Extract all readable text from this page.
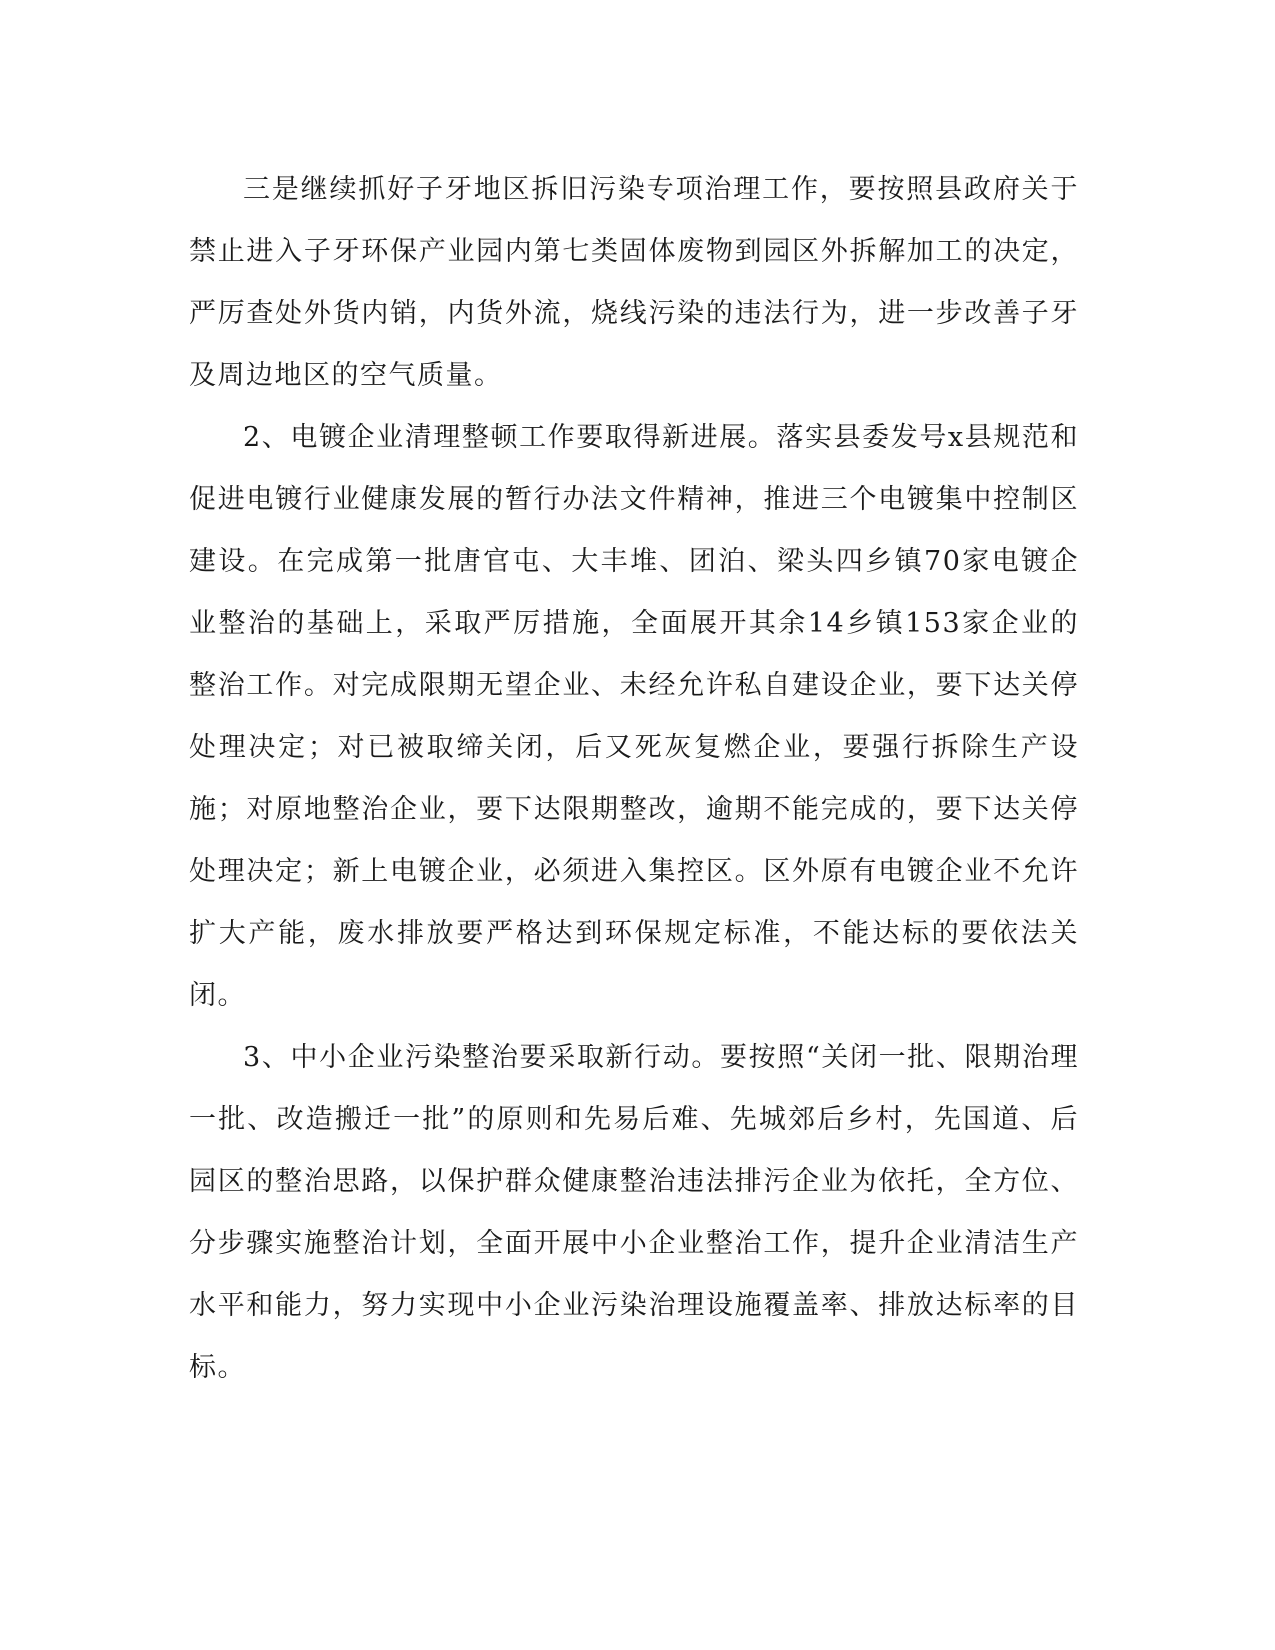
三是继续抓好子牙地区拆旧污染专项治理工作，要按照县政府关于禁止进入子牙环保产业园内第七类固体废物到园区外拆解加工的决定，严厉查处外货内销，内货外流，烧线污染的违法行为，进一步改善子牙及周边地区的空气质量。

2、电镀企业清理整顿工作要取得新进展。落实县委发号x县规范和促进电镀行业健康发展的暂行办法文件精神，推进三个电镀集中控制区建设。在完成第一批唐官屯、大丰堆、团泊、梁头四乡镇70家电镀企业整治的基础上，采取严厉措施，全面展开其余14乡镇153家企业的整治工作。对完成限期无望企业、未经允许私自建设企业，要下达关停处理决定；对已被取缔关闭，后又死灰复燃企业，要强行拆除生产设施；对原地整治企业，要下达限期整改，逾期不能完成的，要下达关停处理决定；新上电镀企业，必须进入集控区。区外原有电镀企业不允许扩大产能，废水排放要严格达到环保规定标准，不能达标的要依法关闭。

3、中小企业污染整治要采取新行动。要按照“关闭一批、限期治理一批、改造搬迁一批”的原则和先易后难、先城郊后乡村，先国道、后园区的整治思路，以保护群众健康整治违法排污企业为依托，全方位、分步骤实施整治计划，全面开展中小企业整治工作，提升企业清洁生产水平和能力，努力实现中小企业污染治理设施覆盖率、排放达标率的目标。
